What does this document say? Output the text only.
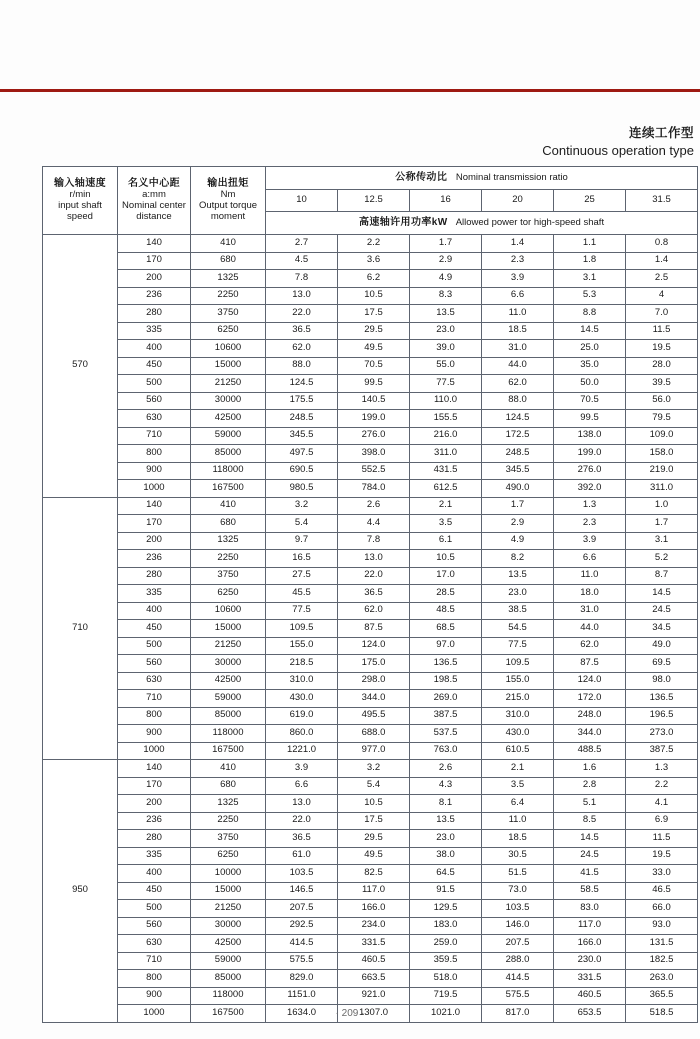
连续工作型
Continuous operation type
输入轴速度
r/min
input shaft
speed	名义中心距
a:mm
Nominal center
distance	输出扭矩
Nm
Output torque
moment	公称传动比 Nominal transmission ratio					
			10	12.5	16	20	25	31.5
			高速轴许用功率kW Allowed power tor high-speed shaft					
570	140	410	2.7	2.2	1.7	1.4	1.1	0.8
	170	680	4.5	3.6	2.9	2.3	1.8	1.4
	200	1325	7.8	6.2	4.9	3.9	3.1	2.5
	236	2250	13.0	10.5	8.3	6.6	5.3	4
	280	3750	22.0	17.5	13.5	11.0	8.8	7.0
	335	6250	36.5	29.5	23.0	18.5	14.5	11.5
	400	10600	62.0	49.5	39.0	31.0	25.0	19.5
	450	15000	88.0	70.5	55.0	44.0	35.0	28.0
	500	21250	124.5	99.5	77.5	62.0	50.0	39.5
	560	30000	175.5	140.5	110.0	88.0	70.5	56.0
	630	42500	248.5	199.0	155.5	124.5	99.5	79.5
	710	59000	345.5	276.0	216.0	172.5	138.0	109.0
	800	85000	497.5	398.0	311.0	248.5	199.0	158.0
	900	118000	690.5	552.5	431.5	345.5	276.0	219.0
	1000	167500	980.5	784.0	612.5	490.0	392.0	311.0
710	140	410	3.2	2.6	2.1	1.7	1.3	1.0
	170	680	5.4	4.4	3.5	2.9	2.3	1.7
	200	1325	9.7	7.8	6.1	4.9	3.9	3.1
	236	2250	16.5	13.0	10.5	8.2	6.6	5.2
	280	3750	27.5	22.0	17.0	13.5	11.0	8.7
	335	6250	45.5	36.5	28.5	23.0	18.0	14.5
	400	10600	77.5	62.0	48.5	38.5	31.0	24.5
	450	15000	109.5	87.5	68.5	54.5	44.0	34.5
	500	21250	155.0	124.0	97.0	77.5	62.0	49.0
	560	30000	218.5	175.0	136.5	109.5	87.5	69.5
	630	42500	310.0	298.0	198.5	155.0	124.0	98.0
	710	59000	430.0	344.0	269.0	215.0	172.0	136.5
	800	85000	619.0	495.5	387.5	310.0	248.0	196.5
	900	118000	860.0	688.0	537.5	430.0	344.0	273.0
	1000	167500	1221.0	977.0	763.0	610.5	488.5	387.5
950	140	410	3.9	3.2	2.6	2.1	1.6	1.3
	170	680	6.6	5.4	4.3	3.5	2.8	2.2
	200	1325	13.0	10.5	8.1	6.4	5.1	4.1
	236	2250	22.0	17.5	13.5	11.0	8.5	6.9
	280	3750	36.5	29.5	23.0	18.5	14.5	11.5
	335	6250	61.0	49.5	38.0	30.5	24.5	19.5
	400	10000	103.5	82.5	64.5	51.5	41.5	33.0
	450	15000	146.5	117.0	91.5	73.0	58.5	46.5
	500	21250	207.5	166.0	129.5	103.5	83.0	66.0
	560	30000	292.5	234.0	183.0	146.0	117.0	93.0
	630	42500	414.5	331.5	259.0	207.5	166.0	131.5
	710	59000	575.5	460.5	359.5	288.0	230.0	182.5
	800	85000	829.0	663.5	518.0	414.5	331.5	263.0
	900	118000	1151.0	921.0	719.5	575.5	460.5	365.5
	1000	167500	1634.0	1307.0	1021.0	817.0	653.5	518.5
· 209 ·
